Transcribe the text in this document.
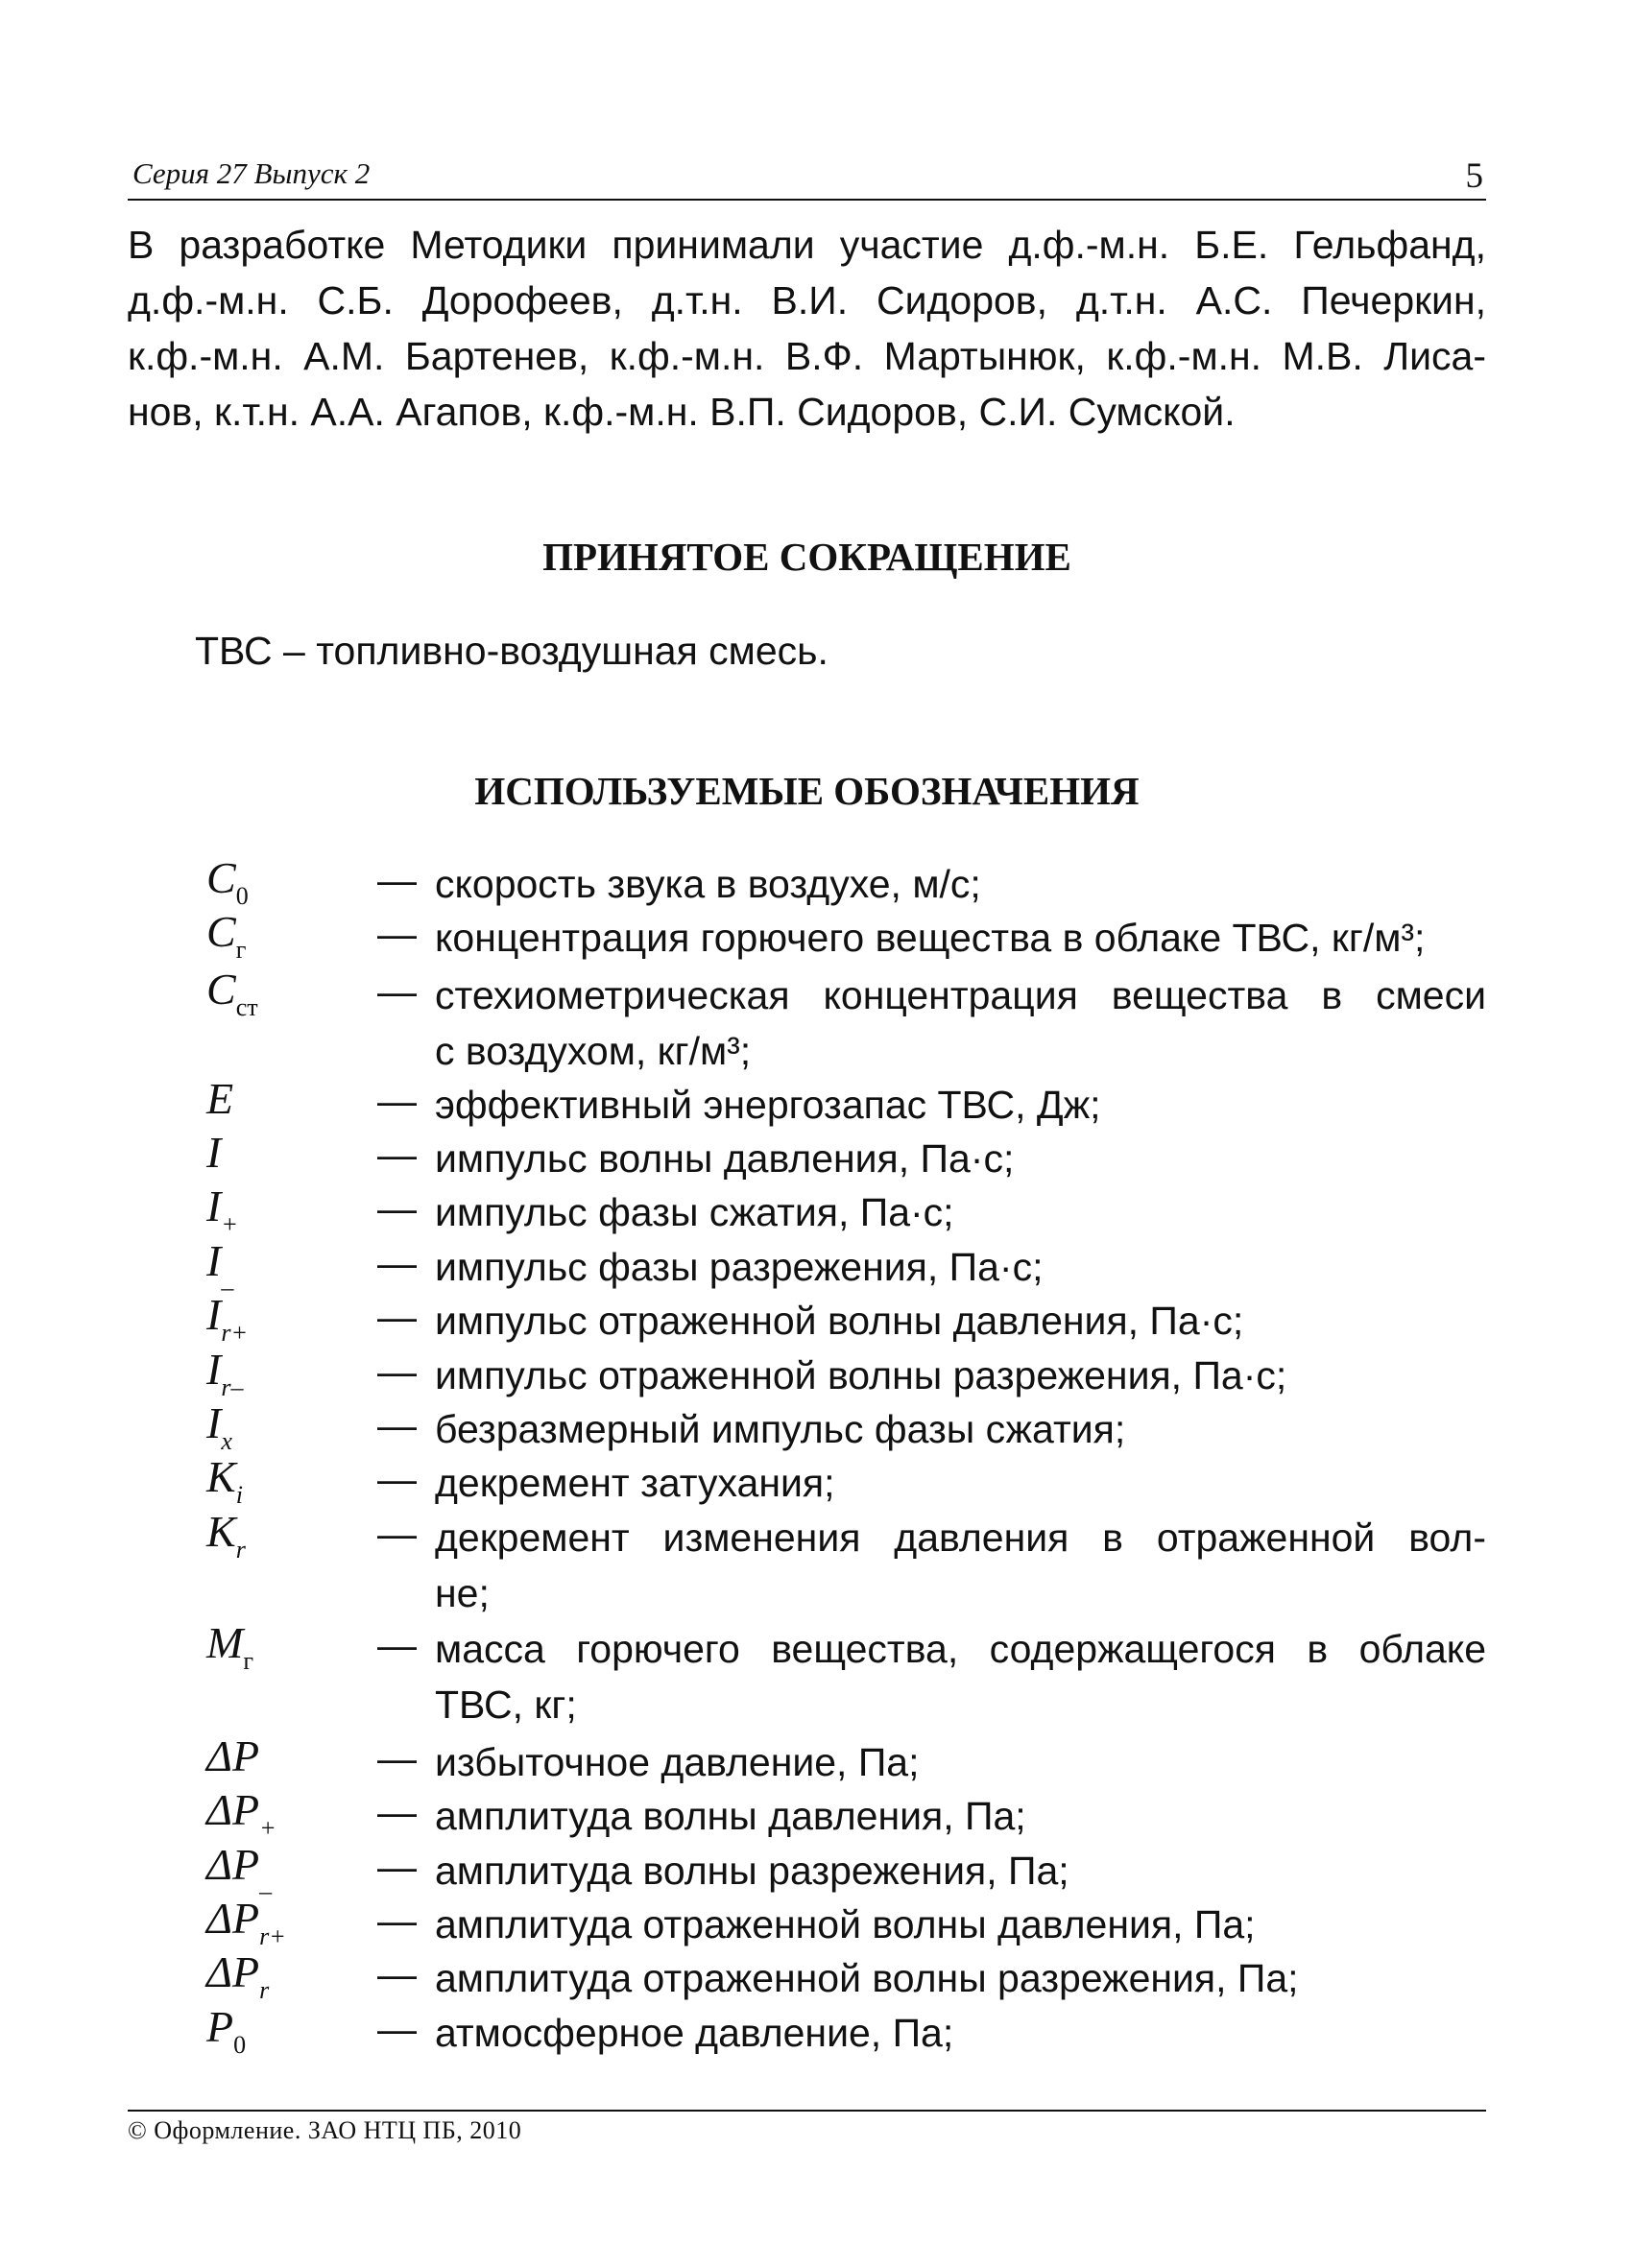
Серия 27 Выпуск 2	5
В разработке Методики принимали участие д.ф.-м.н. Б.Е. Гельфанд,
д.ф.-м.н. С.Б. Дорофеев, д.т.н. В.И. Сидоров, д.т.н. А.С. Печеркин,
к.ф.-м.н. А.М. Бартенев, к.ф.-м.н. В.Ф. Мартынюк, к.ф.-м.н. М.В. Лиса-
нов, к.т.н. А.А. Агапов, к.ф.-м.н. В.П. Сидоров, С.И. Сумской.
ПРИНЯТОЕ СОКРАЩЕНИЕ
ТВС – топливно-воздушная смесь.
ИСПОЛЬЗУЕМЫЕ ОБОЗНАЧЕНИЯ
$C_0$	— скорость звука в воздухе, м/с;
$C_г$	— концентрация горючего вещества в облаке ТВС, кг/м³;
$C_{ст}$	— стехиометрическая концентрация вещества в смеси
с воздухом, кг/м³;
E	— эффективный энергозапас ТВС, Дж;
I	— импульс волны давления, Па·с;
$I_+$	— импульс фазы сжатия, Па·с;
$I_{\_}$	— импульс фазы разрежения, Па·с;
$I_{r+}$	— импульс отраженной волны давления, Па·с;
$I_{r-}$	— импульс отраженной волны разрежения, Па·с;
$I_x$	— безразмерный импульс фазы сжатия;
$K_i$	— декремент затухания;
$K_r$	— декремент изменения давления в отраженной вол-
не;
$M_г$	— масса горючего вещества, содержащегося в облаке
ТВС, кг;
ΔP	— избыточное давление, Па;
$\Delta P_+$	— амплитуда волны давления, Па;
$\Delta P_{\_}$	— амплитуда волны разрежения, Па;
$\Delta P_{r+}$ — амплитуда отраженной волны давления, Па;
$\Delta P_r$	— амплитуда отраженной волны разрежения, Па;
$P_0$	— атмосферное давление, Па;
© Оформление. ЗАО НТЦ ПБ, 2010
